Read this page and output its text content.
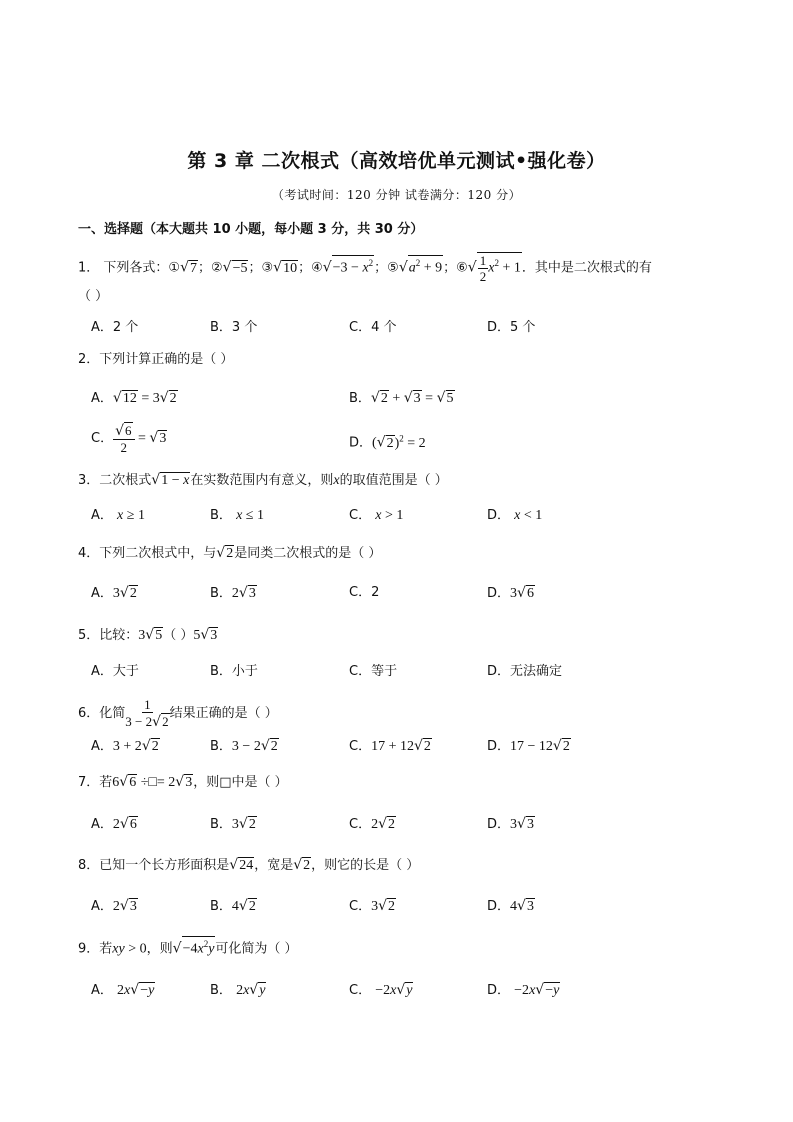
第 3 章 二次根式（高效培优单元测试•强化卷）
（考试时间：120 分钟 试卷满分：120 分）
一、选择题（本大题共 10 小题，每小题 3 分，共 30 分）
1． 下列各式：①√7；②√−5；③√10；④√−3 − $x^2$；$⑤√a^2 + 9$；⑥√ $\frac{1}{2} x^2 + 1$．其中是二次根式的有
（ ）
A．2 个	B．3 个	C．4 个	D．5 个
2．下列计算正确的是（ ）
A．√12 = 3√2	B．√2 + √3 = √5
C． $\frac{√6}{2} = √3$	D．$(√2)^2 = 2$
3．二次根式√1 − x在实数范围内有意义，则x的取值范围是（ ）
A． x ≥ 1	B． x ≤ 1	C． x > 1	D． x < 1
4．下列二次根式中，与√2是同类二次根式的是（ ）
A．3√2	B．2√3	C．2	D．3√6
5．比较：3√5（ ）5√3
A．大于	B．小于	C．等于	D．无法确定
6．化简 $\frac{1}{3 - 2√2}$ 结果正确的是（ ）
A．3 + 2√2	B．3 − 2√2	C．17 + 12√2	D．17 − 12√2
7．若6√6 ÷□= 2√3，则□中是（ ）
A．2√6	B．3√2	C．2√2	D．3√3
8．已知一个长方形面积是√24，宽是√2，则它的长是（ ）
A．2√3	B．4√2	C．3√2	D．4√3
9．若xy > 0，则$√-4x^2y$可化简为（ ）
A． 2x√−y	B． 2x√y	C． −2x√y	D． −2x√−y
